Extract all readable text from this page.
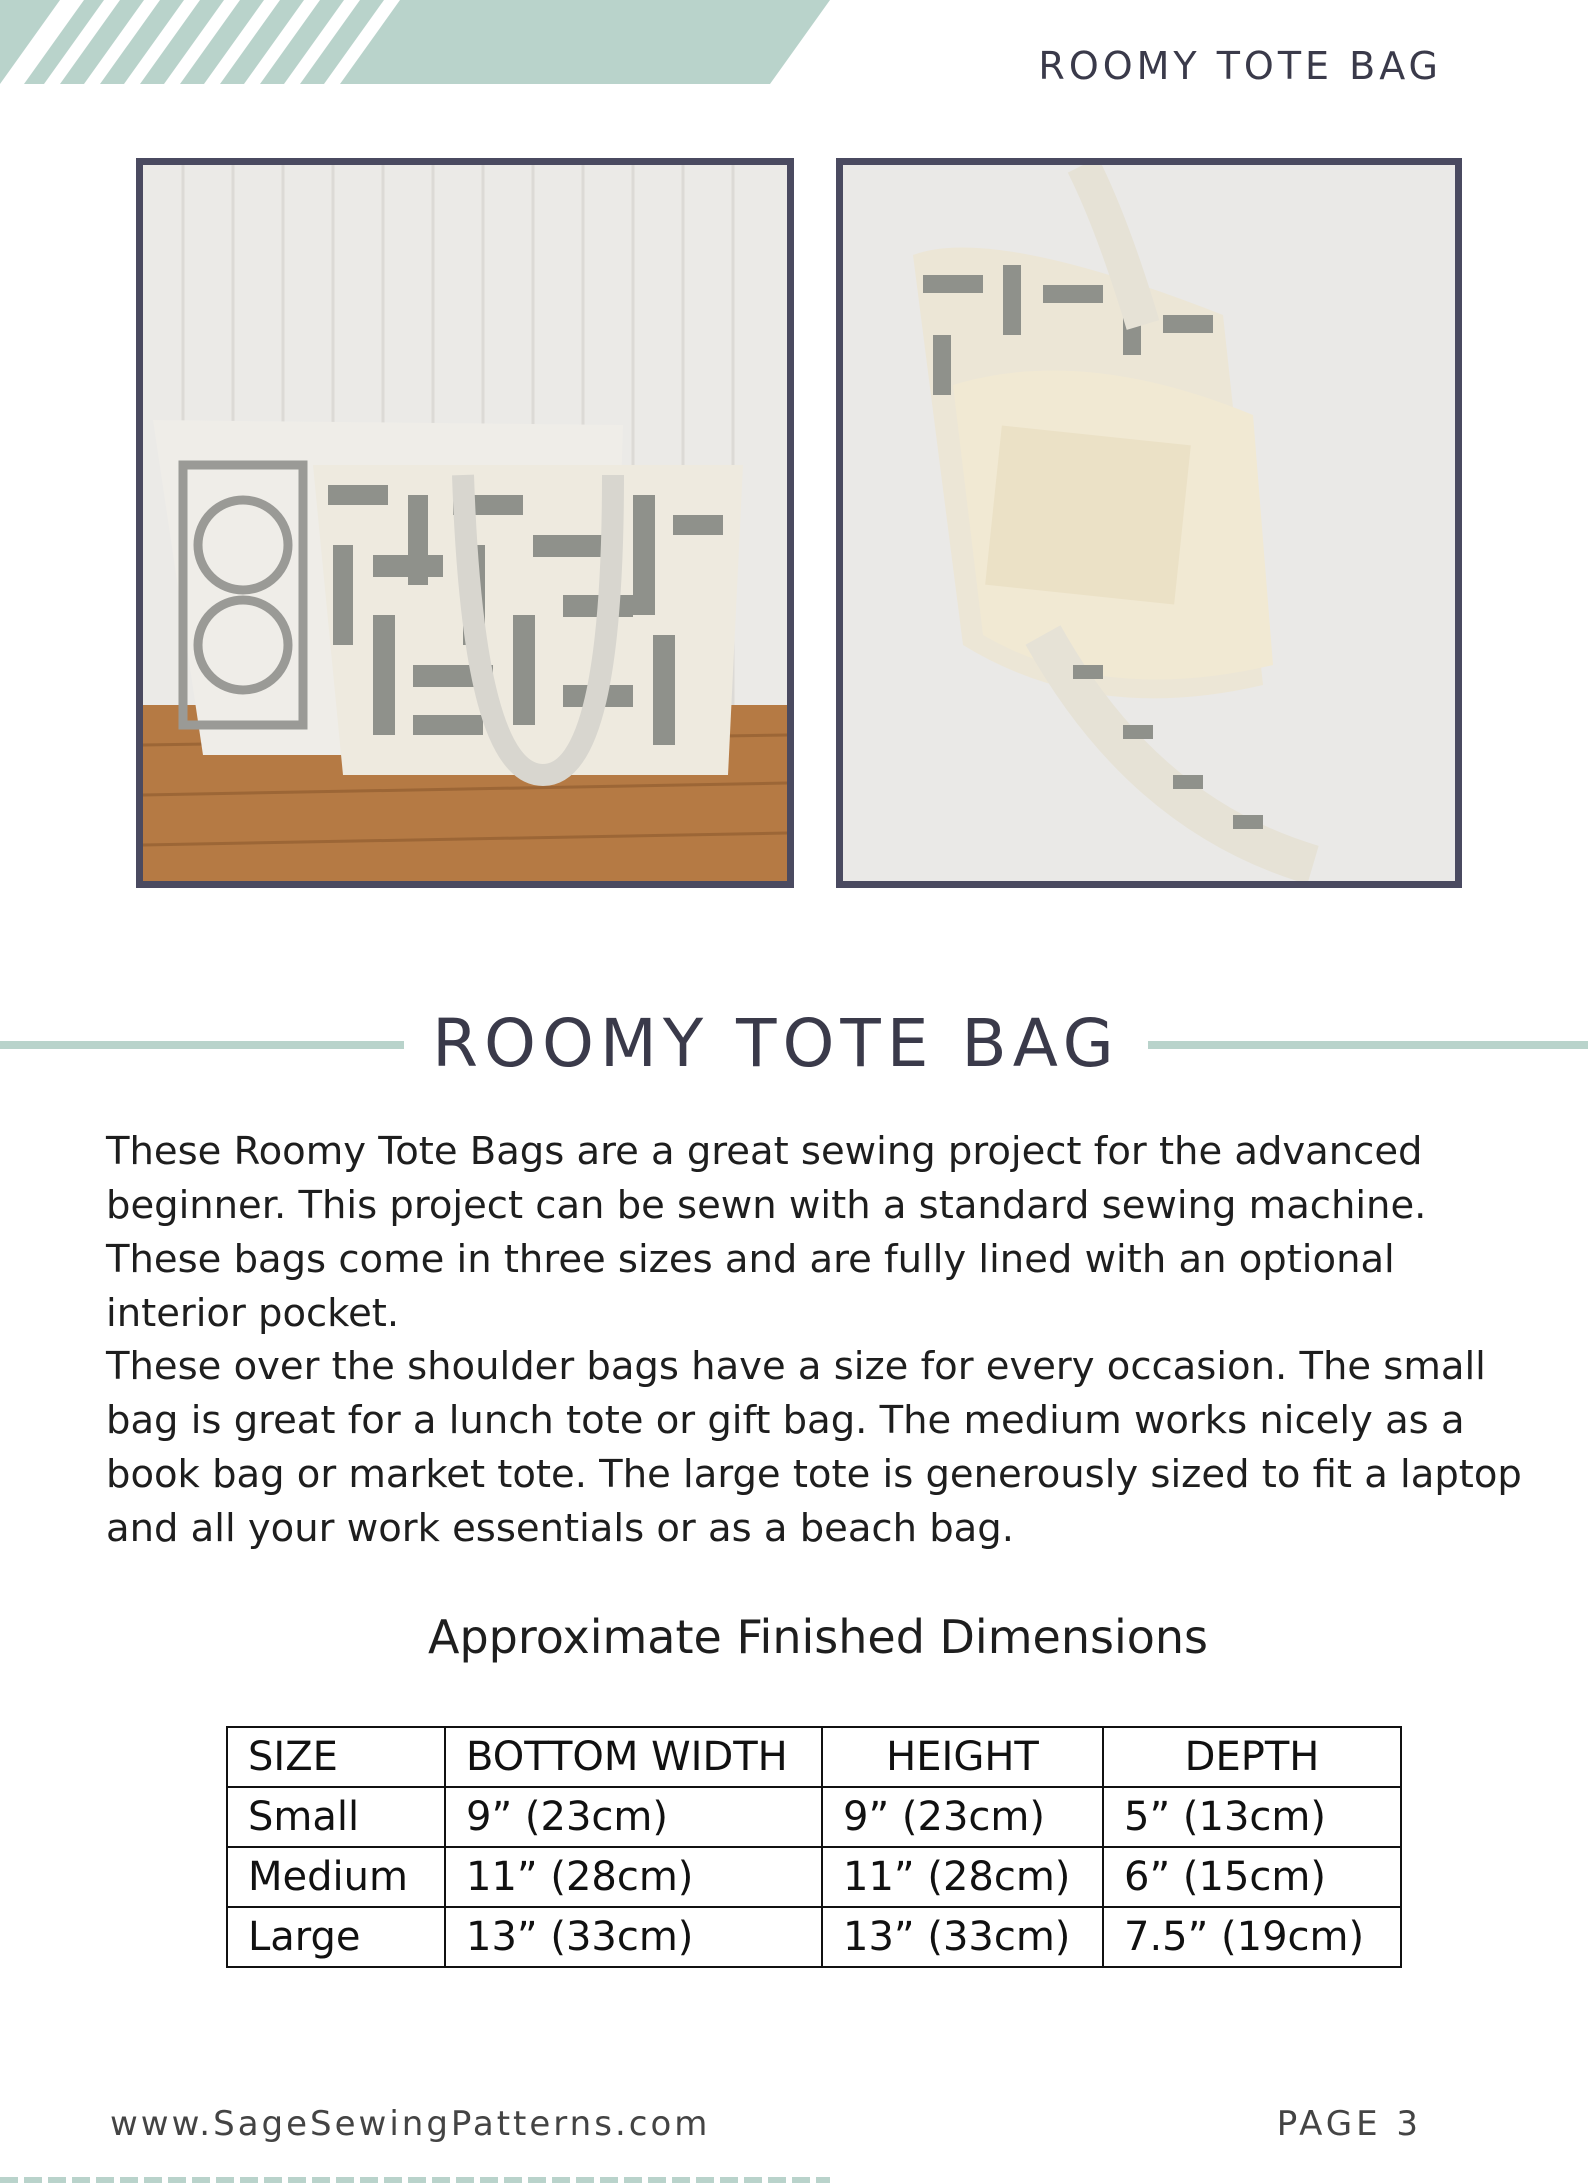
ROOMY TOTE BAG
ROOMY TOTE BAG

These Roomy Tote Bags are a great sewing project for the advanced beginner. This project can be sewn with a standard sewing machine. These bags come in three sizes and are fully lined with an optional interior pocket.

These over the shoulder bags have a size for every occasion. The small bag is great for a lunch tote or gift bag. The medium works nicely as a book bag or market tote. The large tote is generously sized to fit a laptop and all your work essentials or as a beach bag.

Approximate Finished Dimensions
SIZE	BOTTOM WIDTH	HEIGHT	DEPTH
Small	9” (23cm)	9” (23cm)	5” (13cm)
Medium	11” (28cm)	11” (28cm)	6” (15cm)
Large	13” (33cm)	13” (33cm)	7.5” (19cm)
www.SageSewingPatterns.com	PAGE 3
